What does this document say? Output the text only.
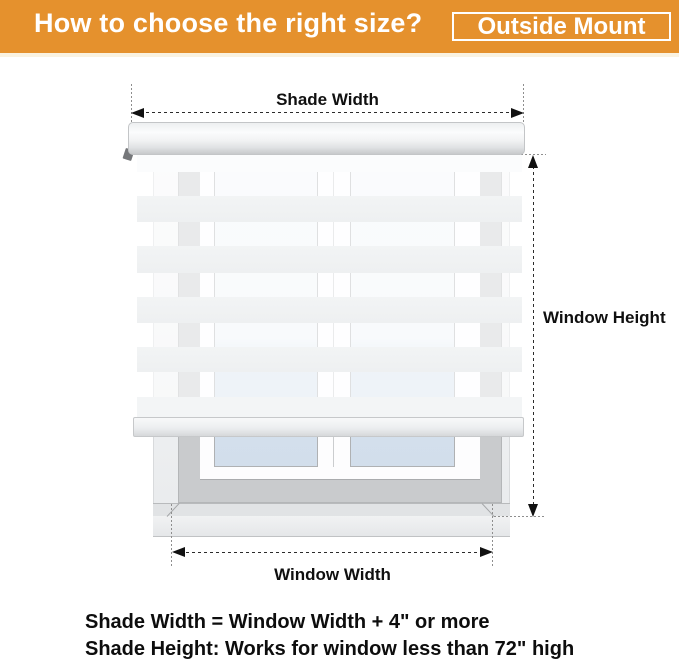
How to choose the right size?	Outside Mount
Shade Width
Window Height
Window Width
Shade Width = Window Width + 4" or more
Shade Height: Works for window less than 72" high
